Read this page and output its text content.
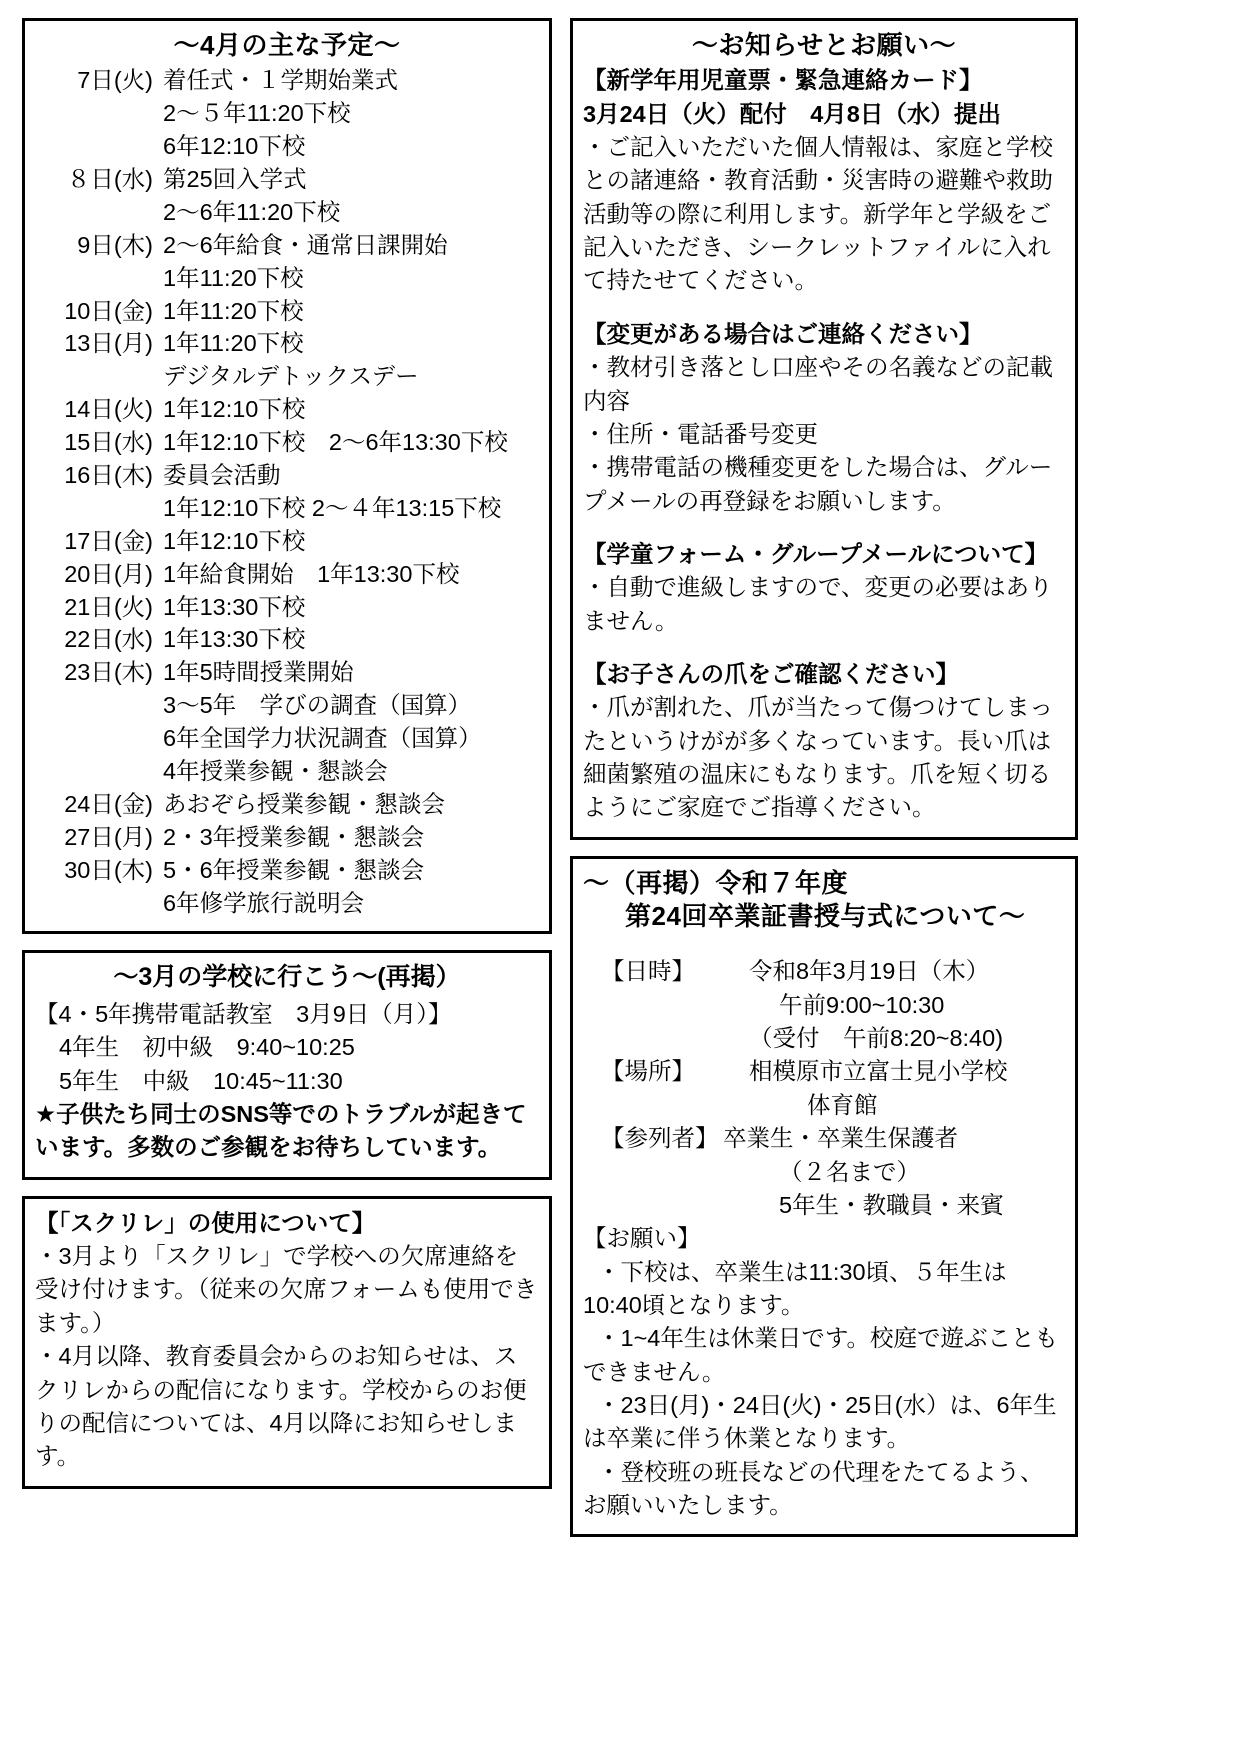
～4月の主な予定～
7日(火) 着任式・１学期始業式
2～５年11:20下校
6年12:10下校
８日(水) 第25回入学式
2～6年11:20下校
9日(木) 2～6年給食・通常日課開始
1年11:20下校
10日(金) 1年11:20下校
13日(月) 1年11:20下校
デジタルデトックスデー
14日(火) 1年12:10下校
15日(水) 1年12:10下校　2～6年13:30下校
16日(木) 委員会活動
1年12:10下校 2～４年13:15下校
17日(金) 1年12:10下校
20日(月) 1年給食開始　1年13:30下校
21日(火) 1年13:30下校
22日(水) 1年13:30下校
23日(木) 1年5時間授業開始
3～5年　学びの調査（国算）
6年全国学力状況調査（国算）
4年授業参観・懇談会
24日(金) あおぞら授業参観・懇談会
27日(月) 2・3年授業参観・懇談会
30日(木) 5・6年授業参観・懇談会
6年修学旅行説明会
～3月の学校に行こう～(再掲）
【4・5年携帯電話教室　3月9日（月）】
4年生　初中級　9:40~10:25
5年生　中級　10:45~11:30
★子供たち同士のSNS等でのトラブルが起きています。多数のご参観をお待ちしています。
【「スクリレ」の使用について】
・3月より「スクリレ」で学校への欠席連絡を受け付けます。（従来の欠席フォームも使用できます。）
・4月以降、教育委員会からのお知らせは、スクリレからの配信になります。学校からのお便りの配信については、4月以降にお知らせします。
～お知らせとお願い～
【新学年用児童票・緊急連絡カード】
3月24日（火）配付　4月8日（水）提出
・ご記入いただいた個人情報は、家庭と学校との諸連絡・教育活動・災害時の避難や救助活動等の際に利用します。新学年と学級をご記入いただき、シークレットファイルに入れて持たせてください。
【変更がある場合はご連絡ください】
・教材引き落とし口座やその名義などの記載内容
・住所・電話番号変更
・携帯電話の機種変更をした場合は、グループメールの再登録をお願いします。
【学童フォーム・グループメールについて】
・自動で進級しますので、変更の必要はありません。
【お子さんの爪をご確認ください】
・爪が割れた、爪が当たって傷つけてしまったというけがが多くなっています。長い爪は細菌繁殖の温床にもなります。爪を短く切るようにご家庭でご指導ください。
～（再掲）令和７年度
第24回卒業証書授与式について～
【日時】	令和8年3月19日（木）
午前9:00~10:30
（受付　午前8:20~8:40)
【場所】	相模原市立富士見小学校
体育館
【参列者】 卒業生・卒業生保護者
（２名まで）
5年生・教職員・来賓
【お願い】
・下校は、卒業生は11:30頃、５年生は10:40頃となります。
・1~4年生は休業日です。校庭で遊ぶこともできません。
・23日(月)・24日(火)・25日(水）は、6年生は卒業に伴う休業となります。
・登校班の班長などの代理をたてるよう、お願いいたします。
